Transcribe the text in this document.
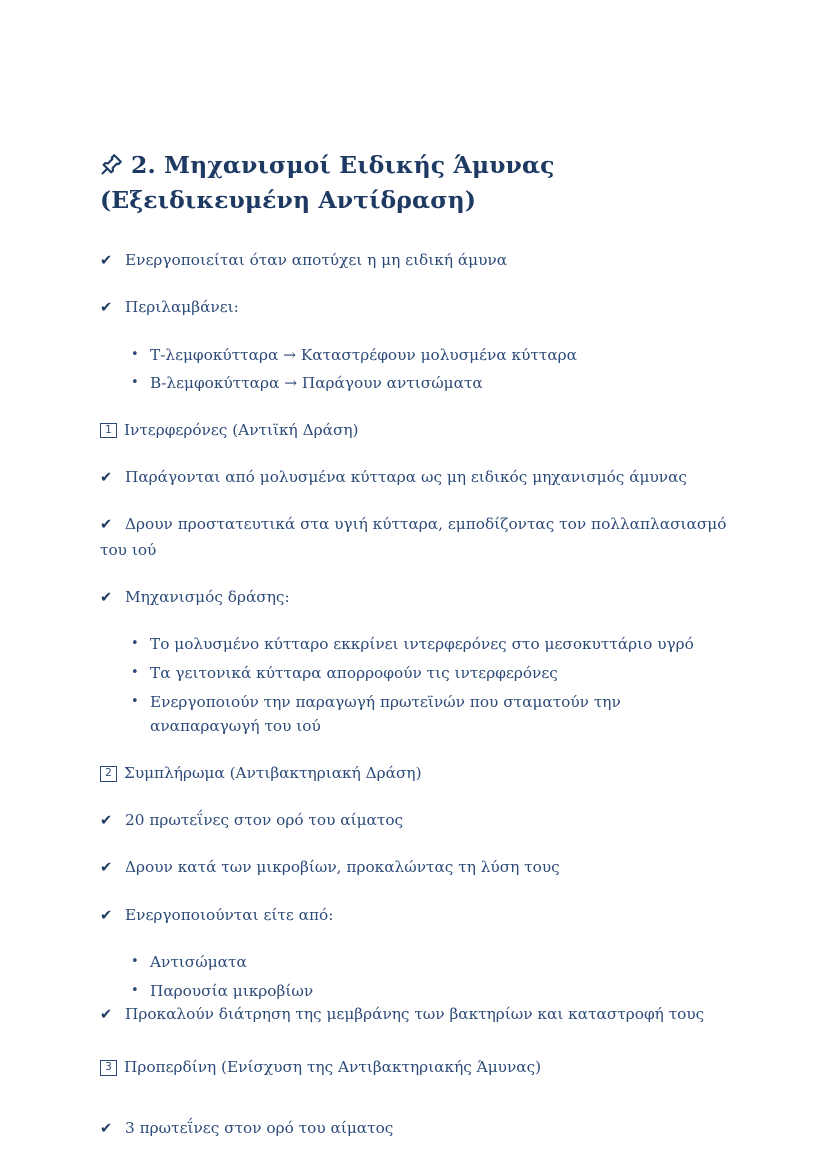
2. Μηχανισμοί Ειδικής Άμυνας (Εξειδικευμένη Αντίδραση)

✔ Ενεργοποιείται όταν αποτύχει η μη ειδική άμυνα

✔ Περιλαμβάνει:

• Τ-λεμφοκύτταρα → Καταστρέφουν μολυσμένα κύτταρα
• Β-λεμφοκύτταρα → Παράγουν αντισώματα

1 Ιντερφερόνες (Αντιϊκή Δράση)

✔ Παράγονται από μολυσμένα κύτταρα ως μη ειδικός μηχανισμός άμυνας

✔ Δρουν προστατευτικά στα υγιή κύτταρα, εμποδίζοντας τον πολλαπλασιασμό του ιού

✔ Μηχανισμός δράσης:

• Το μολυσμένο κύτταρο εκκρίνει ιντερφερόνες στο μεσοκυττάριο υγρό
• Τα γειτονικά κύτταρα απορροφούν τις ιντερφερόνες
• Ενεργοποιούν την παραγωγή πρωτεϊνών που σταματούν την αναπαραγωγή του ιού

2 Συμπλήρωμα (Αντιβακτηριακή Δράση)

✔ 20 πρωτεΐνες στον ορό του αίματος

✔ Δρουν κατά των μικροβίων, προκαλώντας τη λύση τους

✔ Ενεργοποιούνται είτε από:

• Αντισώματα
• Παρουσία μικροβίων

✔ Προκαλούν διάτρηση της μεμβράνης των βακτηρίων και καταστροφή τους

3 Προπερδίνη (Ενίσχυση της Αντιβακτηριακής Άμυνας)

✔ 3 πρωτεΐνες στον ορό του αίματος
